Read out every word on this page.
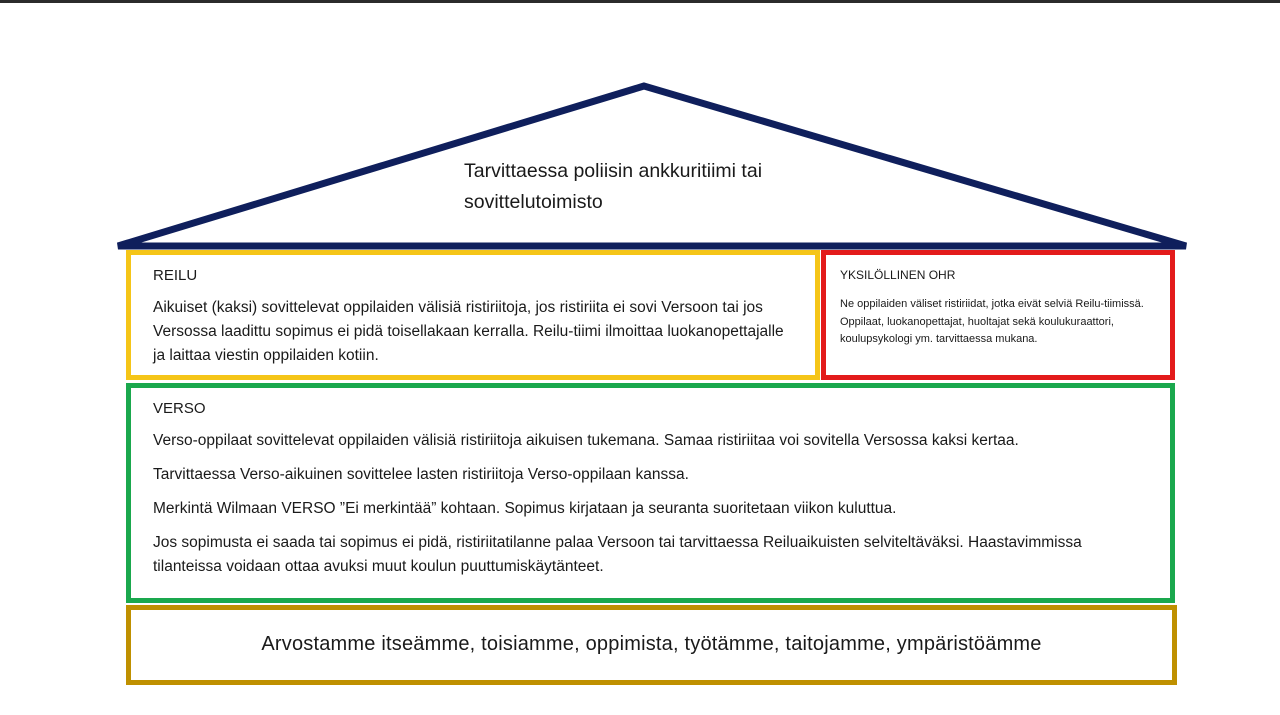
Tarvittaessa poliisin ankkuritiimi tai sovittelutoimisto
REILU

Aikuiset (kaksi) sovittelevat oppilaiden välisiä ristiriitoja, jos ristiriita ei sovi Versoon tai jos Versossa laadittu sopimus ei pidä toisellakaan kerralla. Reilu-tiimi ilmoittaa luokanopettajalle ja laittaa viestin oppilaiden kotiin.

YKSILÖLLINEN OHR

Ne oppilaiden väliset ristiriidat, jotka eivät selviä Reilu-tiimissä. Oppilaat, luokanopettajat, huoltajat sekä koulukuraattori, koulupsykologi ym. tarvittaessa mukana.

VERSO

Verso-oppilaat sovittelevat oppilaiden välisiä ristiriitoja aikuisen tukemana. Samaa ristiriitaa voi sovitella Versossa kaksi kertaa.

Tarvittaessa Verso-aikuinen sovittelee lasten ristiriitoja Verso-oppilaan kanssa.

Merkintä Wilmaan VERSO ”Ei merkintää” kohtaan. Sopimus kirjataan ja seuranta suoritetaan viikon kuluttua.

Jos sopimusta ei saada tai sopimus ei pidä, ristiriitatilanne palaa Versoon tai tarvittaessa Reiluaikuisten selviteltäväksi. Haastavimmissa tilanteissa voidaan ottaa avuksi muut koulun puuttumiskäytänteet.

Arvostamme itseämme, toisiamme, oppimista, työtämme, taitojamme, ympäristöämme
